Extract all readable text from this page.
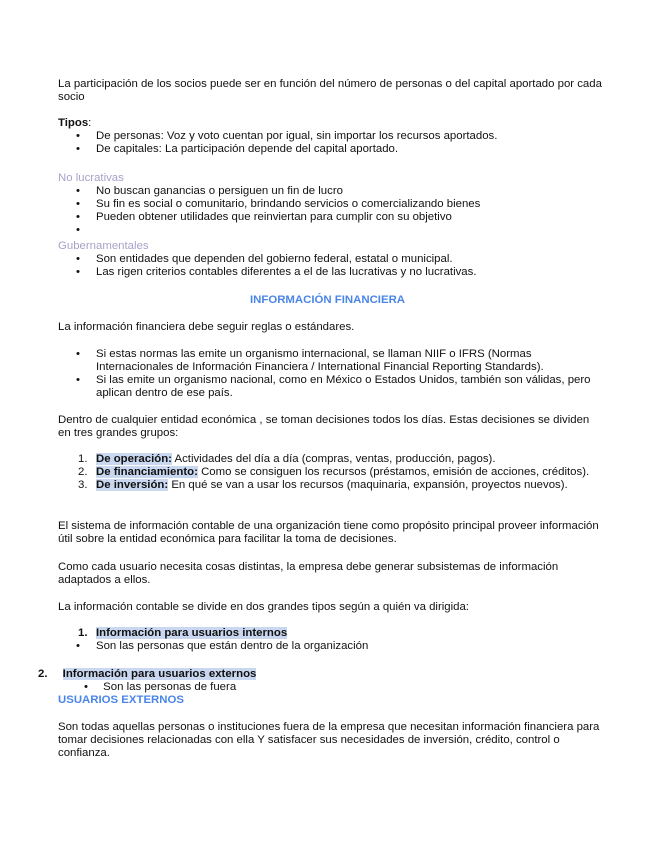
La participación de los socios puede ser en función del número de personas o del capital aportado por cada socio

Tipos:

• De personas: Voz y voto cuentan por igual, sin importar los recursos aportados.
• De capitales: La participación depende del capital aportado.

No lucrativas

• No buscan ganancias o persiguen un fin de lucro
• Su fin es social o comunitario, brindando servicios o comercializando bienes
• Pueden obtener utilidades que reinviertan para cumplir con su objetivo
•

Gubernamentales

• Son entidades que dependen del gobierno federal, estatal o municipal.
• Las rigen criterios contables diferentes a el de las lucrativas y no lucrativas.
INFORMACIÓN FINANCIERA

La información financiera debe seguir reglas o estándares.

• Si estas normas las emite un organismo internacional, se llaman NIIF o IFRS (Normas Internacionales de Información Financiera / International Financial Reporting Standards).
• Si las emite un organismo nacional, como en México o Estados Unidos, también son válidas, pero aplican dentro de ese país.

Dentro de cualquier entidad económica , se toman decisiones todos los días. Estas decisiones se dividen en tres grandes grupos:

1. De operación: Actividades del día a día (compras, ventas, producción, pagos).
2. De financiamiento: Como se consiguen los recursos (préstamos, emisión de acciones, créditos).
3. De inversión: En qué se van a usar los recursos (maquinaria, expansión, proyectos nuevos).

El sistema de información contable de una organización tiene como propósito principal proveer información útil sobre la entidad económica para facilitar la toma de decisiones.

Como cada usuario necesita cosas distintas, la empresa debe generar subsistemas de información adaptados a ellos.

La información contable se divide en dos grandes tipos según a quién va dirigida:

1. Información para usuarios internos
• Son las personas que están dentro de la organización
2. Información para usuarios externos
• Son las personas de fuera
USUARIOS EXTERNOS

Son todas aquellas personas o instituciones fuera de la empresa que necesitan información financiera para tomar decisiones relacionadas con ella Y satisfacer sus necesidades de inversión, crédito, control o confianza.
